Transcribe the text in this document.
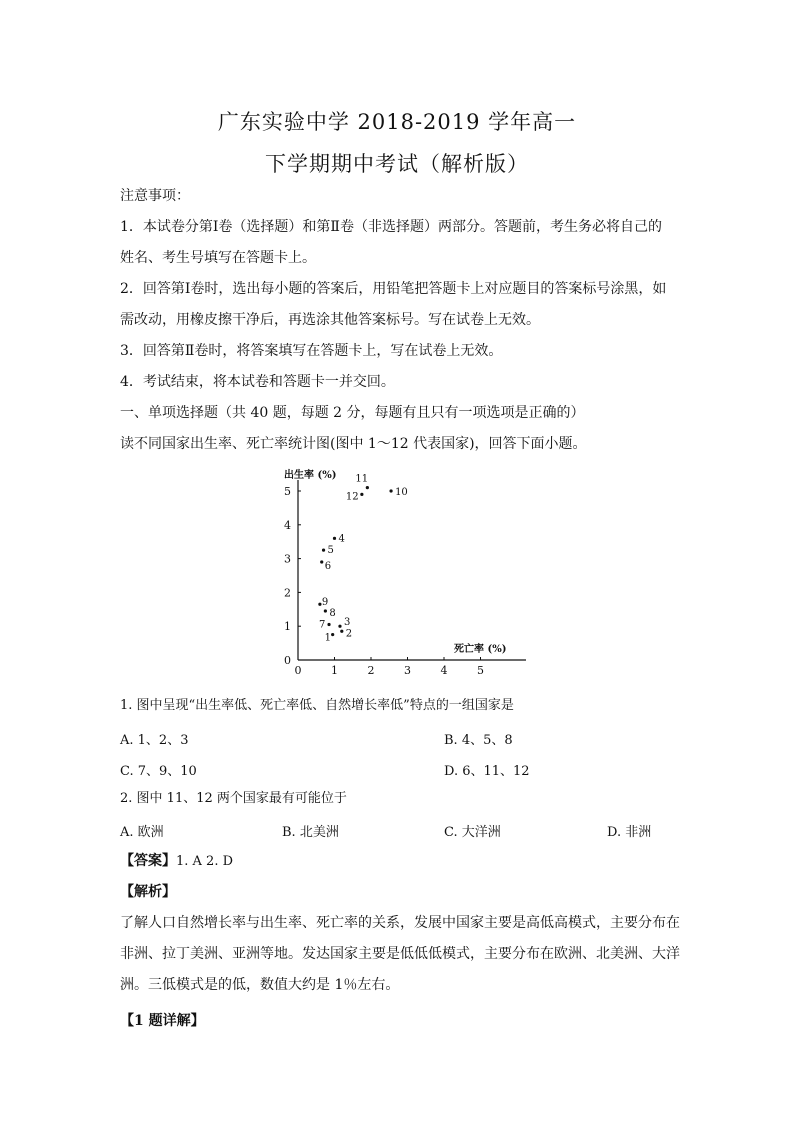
广东实验中学 2018-2019 学年高一
下学期期中考试（解析版）
注意事项：
1．本试卷分第Ⅰ卷（选择题）和第Ⅱ卷（非选择题）两部分。答题前，考生务必将自己的
姓名、考生号填写在答题卡上。
2．回答第Ⅰ卷时，选出每小题的答案后，用铅笔把答题卡上对应题目的答案标号涂黑，如
需改动，用橡皮擦干净后，再选涂其他答案标号。写在试卷上无效。
3．回答第Ⅱ卷时，将答案填写在答题卡上，写在试卷上无效。
4．考试结束，将本试卷和答题卡一并交回。
一、单项选择题（共 40 题，每题 2 分，每题有且只有一项选项是正确的）
读不同国家出生率、死亡率统计图(图中 1～12 代表国家)，回答下面小题。
出生率 (%)
死亡率 (%)
0	1	2	3	4	5
0
1
2
3
4
5
1 2
3
4
5
6
7
8
9
10
11
12
1. 图中呈现“出生率低、死亡率低、自然增长率低”特点的一组国家是
A. 1、2、3	B. 4、5、8
C. 7、9、10	D. 6、11、12
2. 图中 11、12 两个国家最有可能位于
A. 欧洲	B. 北美洲	C. 大洋洲	D. 非洲
【答案】1. A 2. D
【解析】
了解人口自然增长率与出生率、死亡率的关系，发展中国家主要是高低高模式，主要分布在
非洲、拉丁美洲、亚洲等地。发达国家主要是低低低模式，主要分布在欧洲、北美洲、大洋
洲。三低模式是的低，数值大约是 1％左右。
【1 题详解】
